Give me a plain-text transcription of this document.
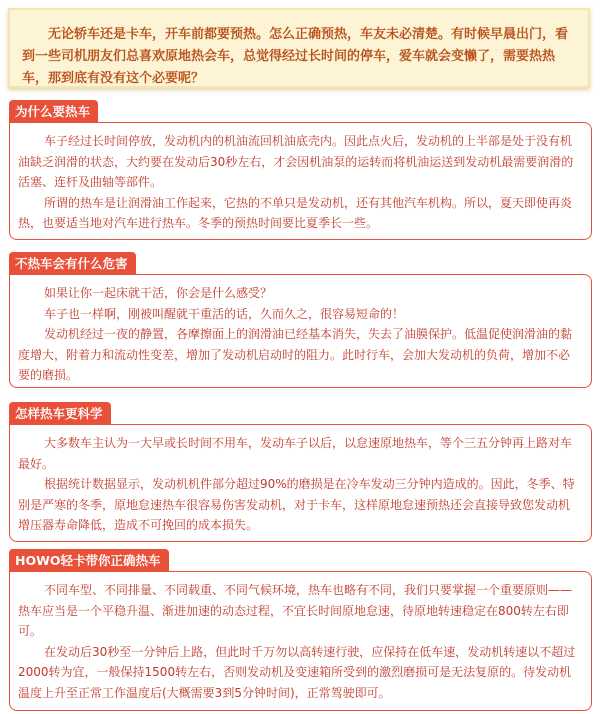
无论轿车还是卡车，开车前都要预热。怎么正确预热，车友未必清楚。有时候早晨出门，看到一些司机朋友们总喜欢原地热会车，总觉得经过长时间的停车，爱车就会变懒了，需要热热车，那到底有没有这个必要呢？

为什么要热车

车子经过长时间停放，发动机内的机油流回机油底壳内。因此点火后，发动机的上半部是处于没有机油缺乏润滑的状态，大约要在发动后30秒左右，才会因机油泵的运转而将机油运送到发动机最需要润滑的活塞、连杆及曲轴等部件。

所谓的热车是让润滑油工作起来，它热的不单只是发动机，还有其他汽车机构。所以，夏天即使再炎热，也要适当地对汽车进行热车。冬季的预热时间要比夏季长一些。

不热车会有什么危害

如果让你一起床就干活，你会是什么感受？

车子也一样啊，刚被叫醒就干重活的话，久而久之，很容易短命的！

发动机经过一夜的静置，各摩擦面上的润滑油已经基本消失，失去了油膜保护。低温促使润滑油的黏度增大，附着力和流动性变差，增加了发动机启动时的阻力。此时行车，会加大发动机的负荷，增加不必要的磨损。

怎样热车更科学

大多数车主认为一大早或长时间不用车，发动车子以后，以怠速原地热车，等个三五分钟再上路对车最好。

根据统计数据显示，发动机机件部分超过90%的磨损是在冷车发动三分钟内造成的。因此，冬季、特别是严寒的冬季，原地怠速热车很容易伤害发动机，对于卡车，这样原地怠速预热还会直接导致您发动机增压器寿命降低，造成不可挽回的成本损失。

HOWO轻卡带你正确热车

不同车型、不同排量、不同载重、不同气候环境，热车也略有不同，我们只要掌握一个重要原则——热车应当是一个平稳升温、渐进加速的动态过程，不宜长时间原地怠速，待原地转速稳定在800转左右即可。

在发动后30秒至一分钟后上路，但此时千万勿以高转速行驶，应保持在低车速，发动机转速以不超过2000转为宜，一般保持1500转左右，否则发动机及变速箱所受到的激烈磨损可是无法复原的。待发动机温度上升至正常工作温度后(大概需要3到5分钟时间)，正常驾驶即可。
